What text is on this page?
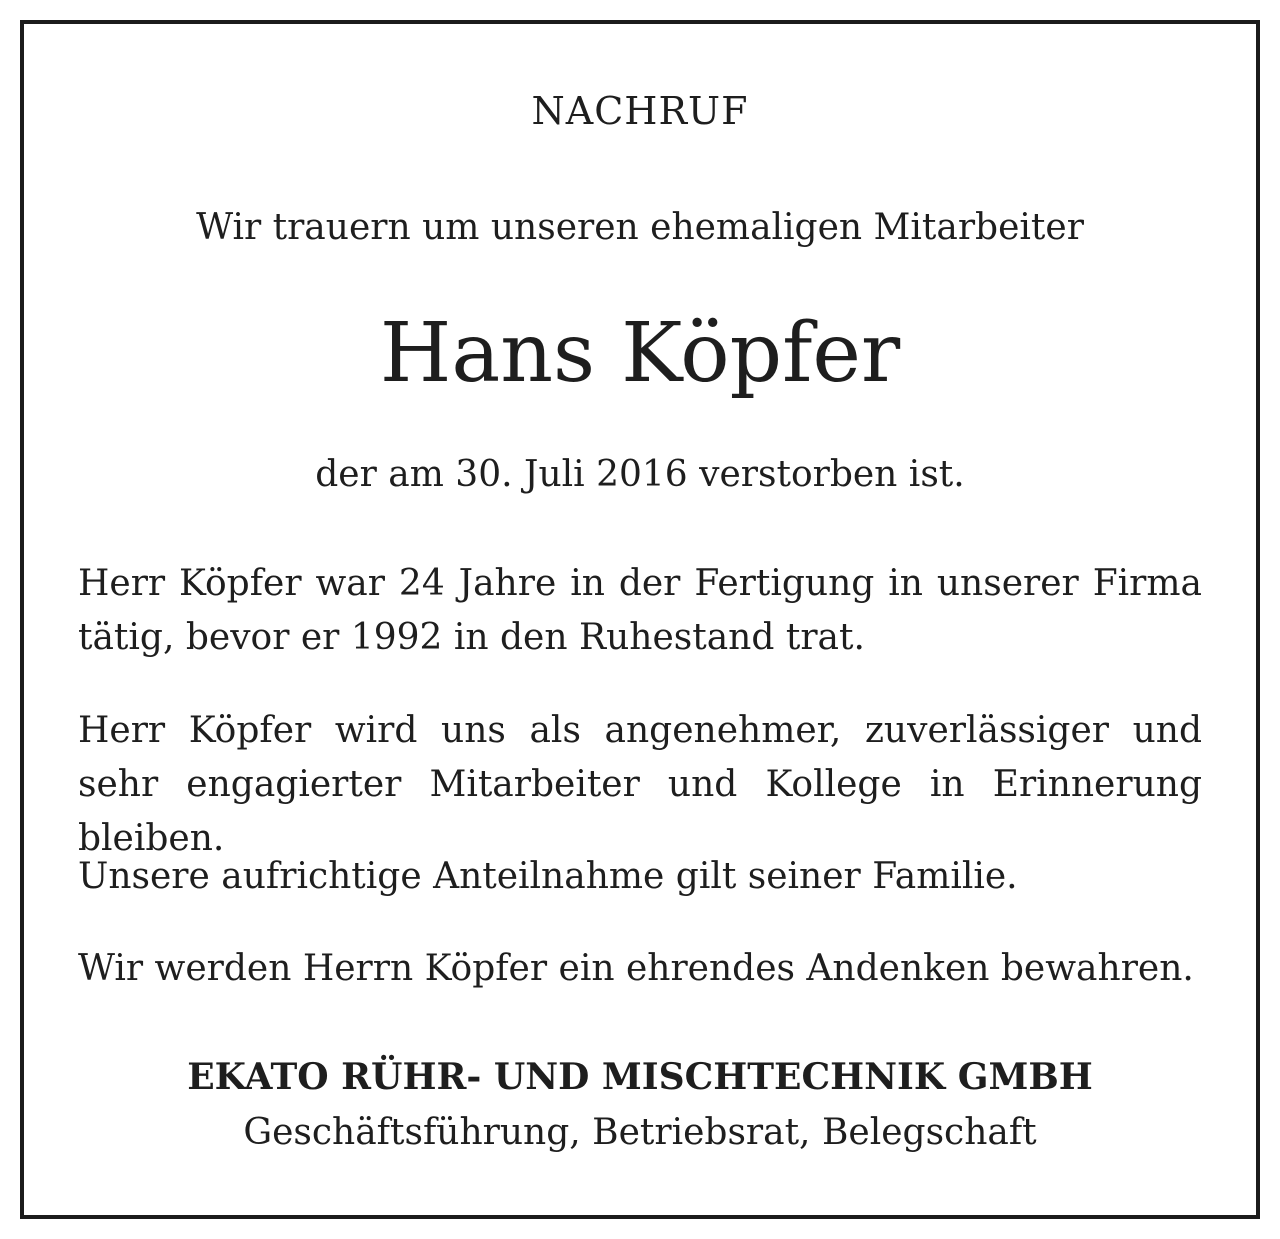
NACHRUF

Wir trauern um unseren ehemaligen Mitarbeiter

Hans Köpfer

der am 30. Juli 2016 verstorben ist.

Herr Köpfer war 24 Jahre in der Fertigung in unserer Firma tätig, bevor er 1992 in den Ruhestand trat.

Herr Köpfer wird uns als angenehmer, zuverlässiger und sehr engagierter Mitarbeiter und Kollege in Erinnerung bleiben.

Unsere aufrichtige Anteilnahme gilt seiner Familie.

Wir werden Herrn Köpfer ein ehrendes Andenken bewahren.

EKATO RÜHR- UND MISCHTECHNIK GMBH

Geschäftsführung, Betriebsrat, Belegschaft
